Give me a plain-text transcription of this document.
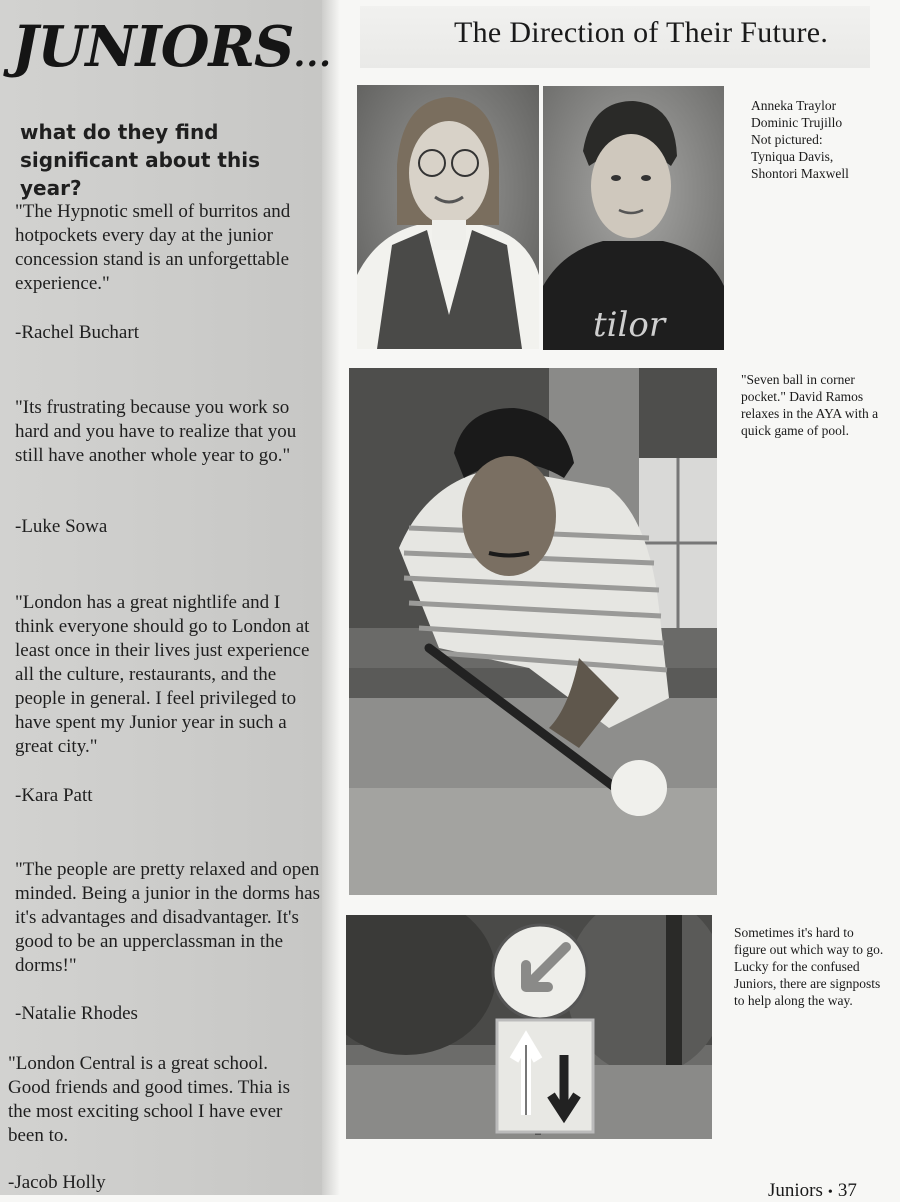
JUNIORS...
what do they find significant about this year?
"The Hypnotic smell of burritos and hotpockets every day at the junior concession stand is an unforgettable experience."
-Rachel Buchart
"Its frustrating because you work so hard and you have to realize that you still have another whole year to go."
-Luke Sowa
"London has a great nightlife and I think everyone should go to London at least once in their lives just experience all the culture, restaurants, and the people in general. I feel privileged to have spent my Junior year in such a great city."
-Kara Patt
"The people are pretty relaxed and open minded. Being a junior in the dorms has it's advantages and disadvantager. It's good to be an upperclassman in the dorms!"
-Natalie Rhodes
"London Central is a great school. Good friends and good times. Thia is the most exciting school I have ever been to.
-Jacob Holly
The Direction of Their Future.
tilor
Anneka Traylor
Dominic Trujillo
Not pictured:
Tyniqua Davis,
Shontori Maxwell
"Seven ball in corner pocket." David Ramos relaxes in the AYA with a quick game of pool.
Sometimes it's hard to figure out which way to go. Lucky for the confused Juniors, there are signposts to help along the way.
Juniors • 37
